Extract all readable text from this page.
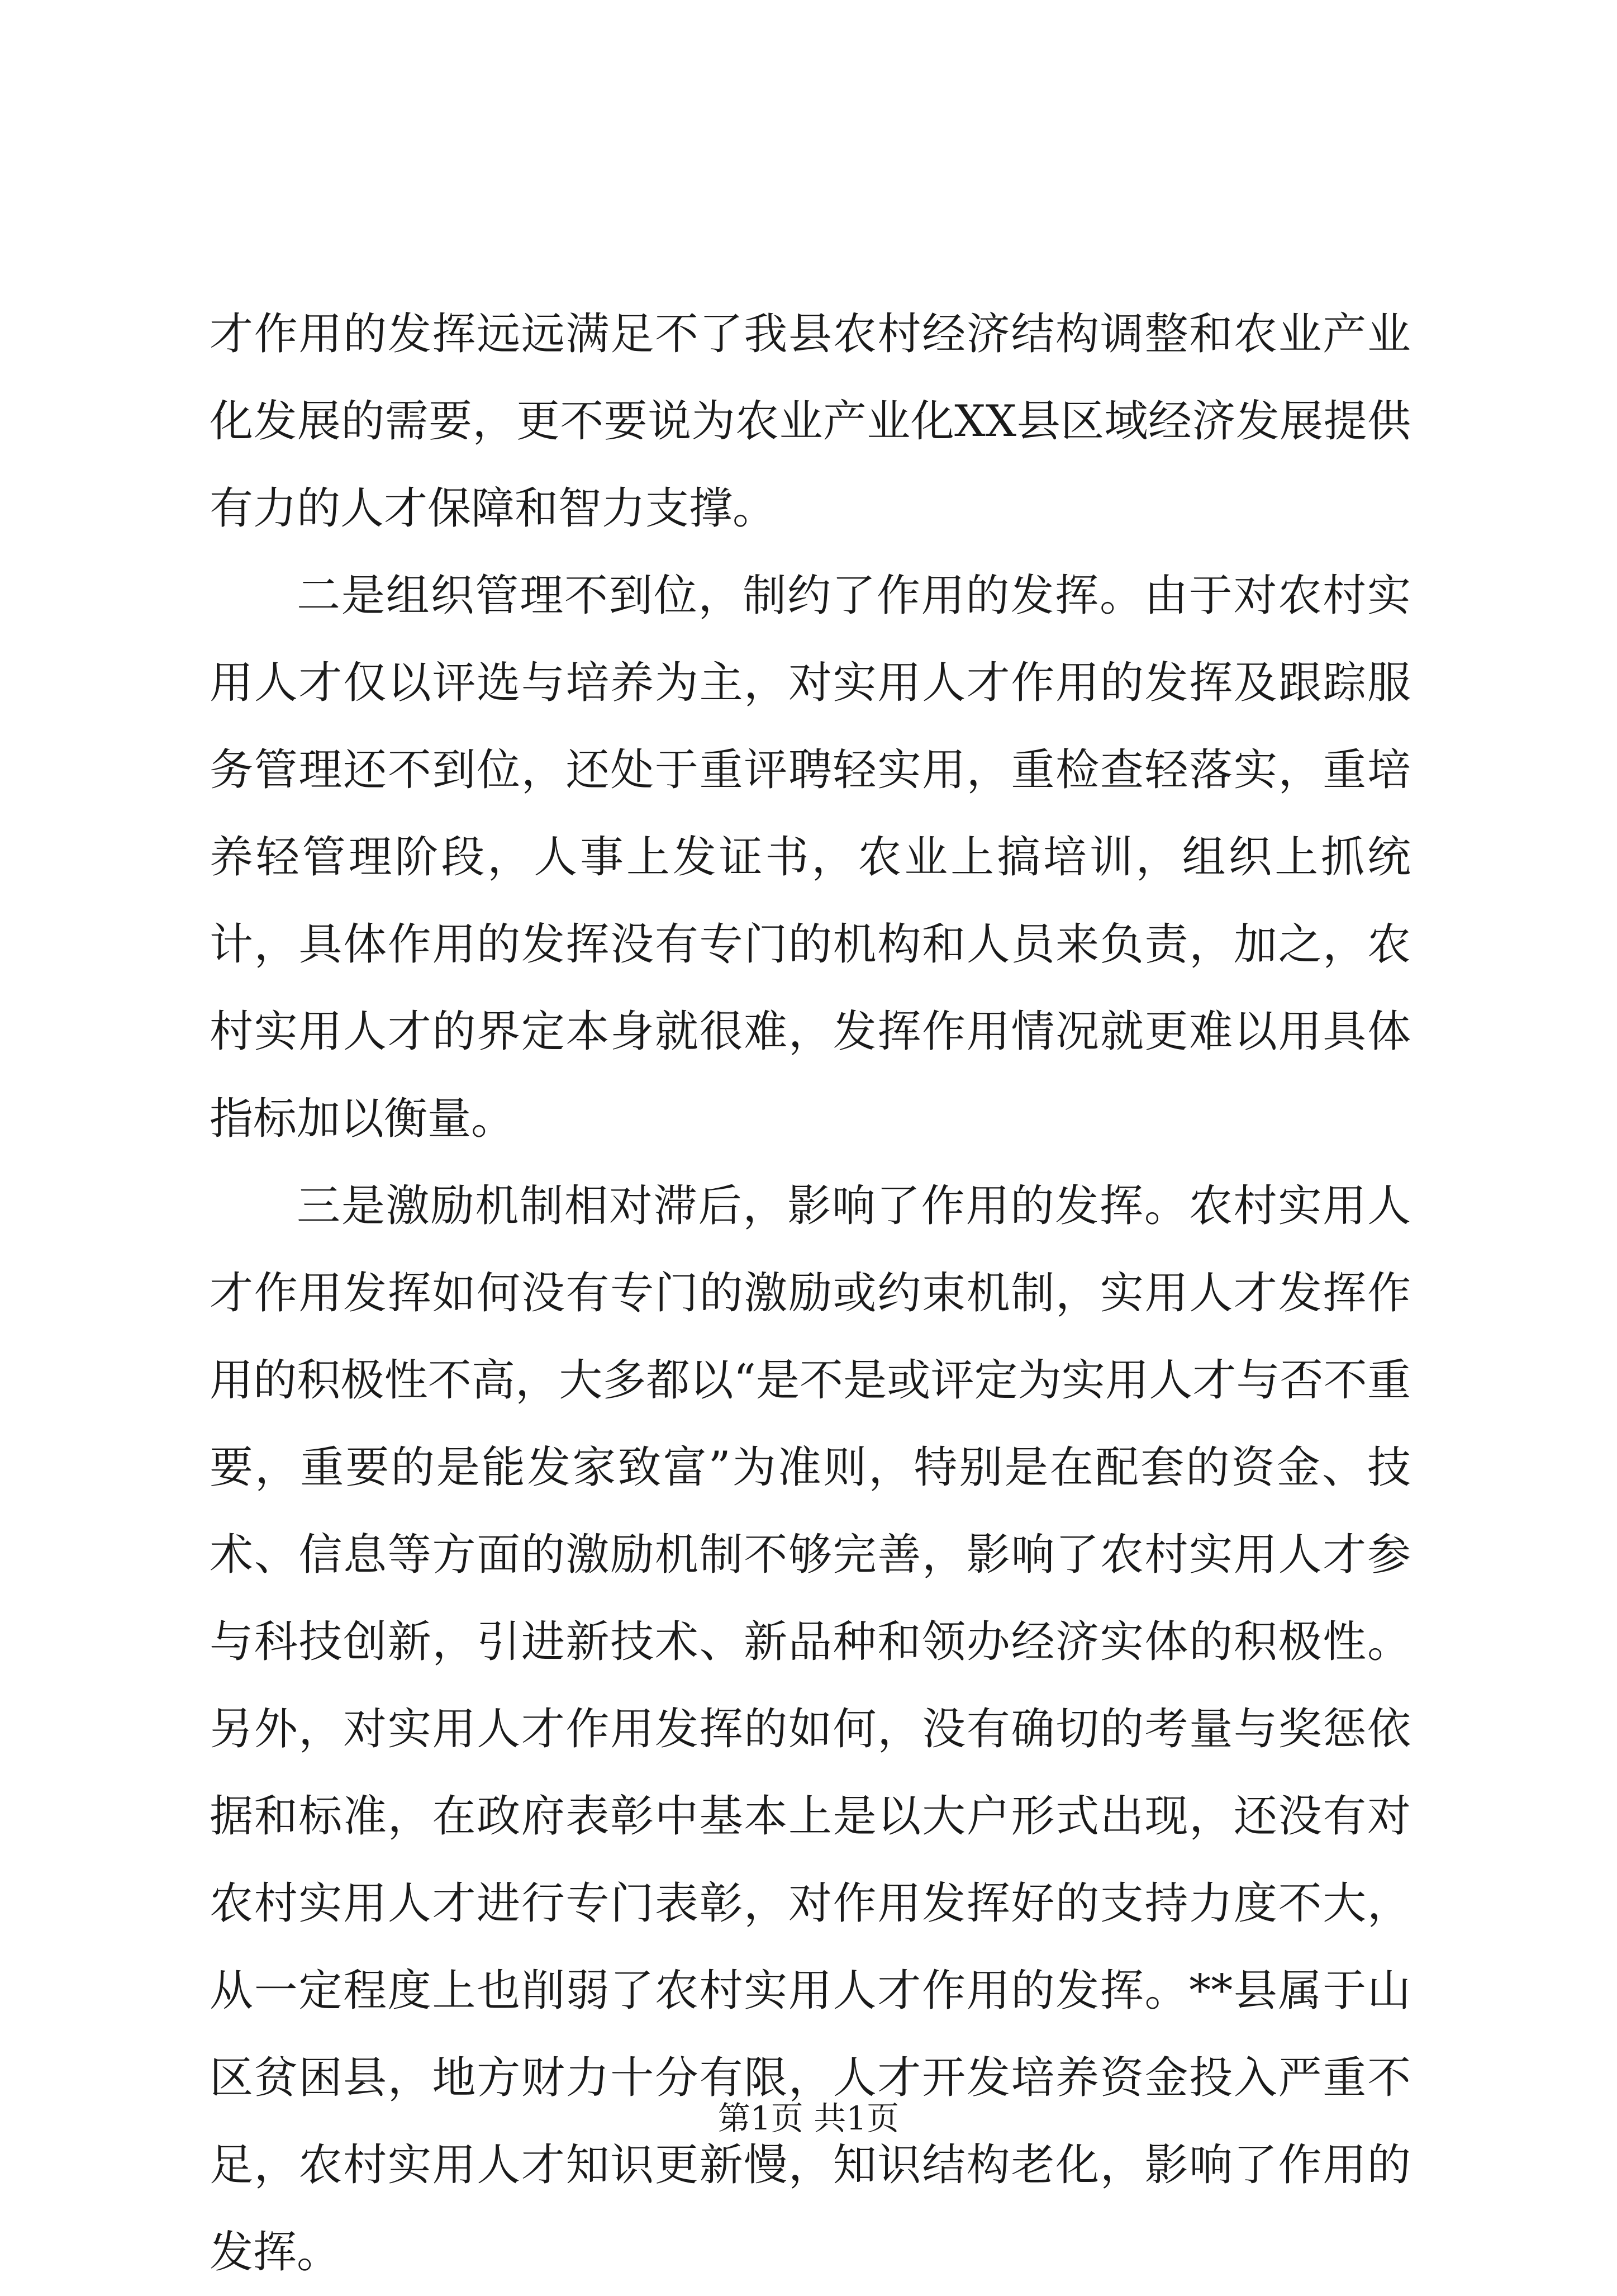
才作用的发挥远远满足不了我县农村经济结构调整和农业产业化发展的需要，更不要说为农业产业化XX县区域经济发展提供有力的人才保障和智力支撑。

二是组织管理不到位，制约了作用的发挥。由于对农村实用人才仅以评选与培养为主，对实用人才作用的发挥及跟踪服务管理还不到位，还处于重评聘轻实用，重检查轻落实，重培养轻管理阶段，人事上发证书，农业上搞培训，组织上抓统计，具体作用的发挥没有专门的机构和人员来负责，加之，农村实用人才的界定本身就很难，发挥作用情况就更难以用具体指标加以衡量。

三是激励机制相对滞后，影响了作用的发挥。农村实用人才作用发挥如何没有专门的激励或约束机制，实用人才发挥作用的积极性不高，大多都以“是不是或评定为实用人才与否不重要，重要的是能发家致富”为准则，特别是在配套的资金、技术、信息等方面的激励机制不够完善，影响了农村实用人才参与科技创新，引进新技术、新品种和领办经济实体的积极性。另外，对实用人才作用发挥的如何，没有确切的考量与奖惩依据和标准，在政府表彰中基本上是以大户形式出现，还没有对农村实用人才进行专门表彰，对作用发挥好的支持力度不大，从一定程度上也削弱了农村实用人才作用的发挥。**县属于山区贫困县，地方财力十分有限，人才开发培养资金投入严重不足，农村实用人才知识更新慢，知识结构老化，影响了作用的发挥。

第1页 共1页
